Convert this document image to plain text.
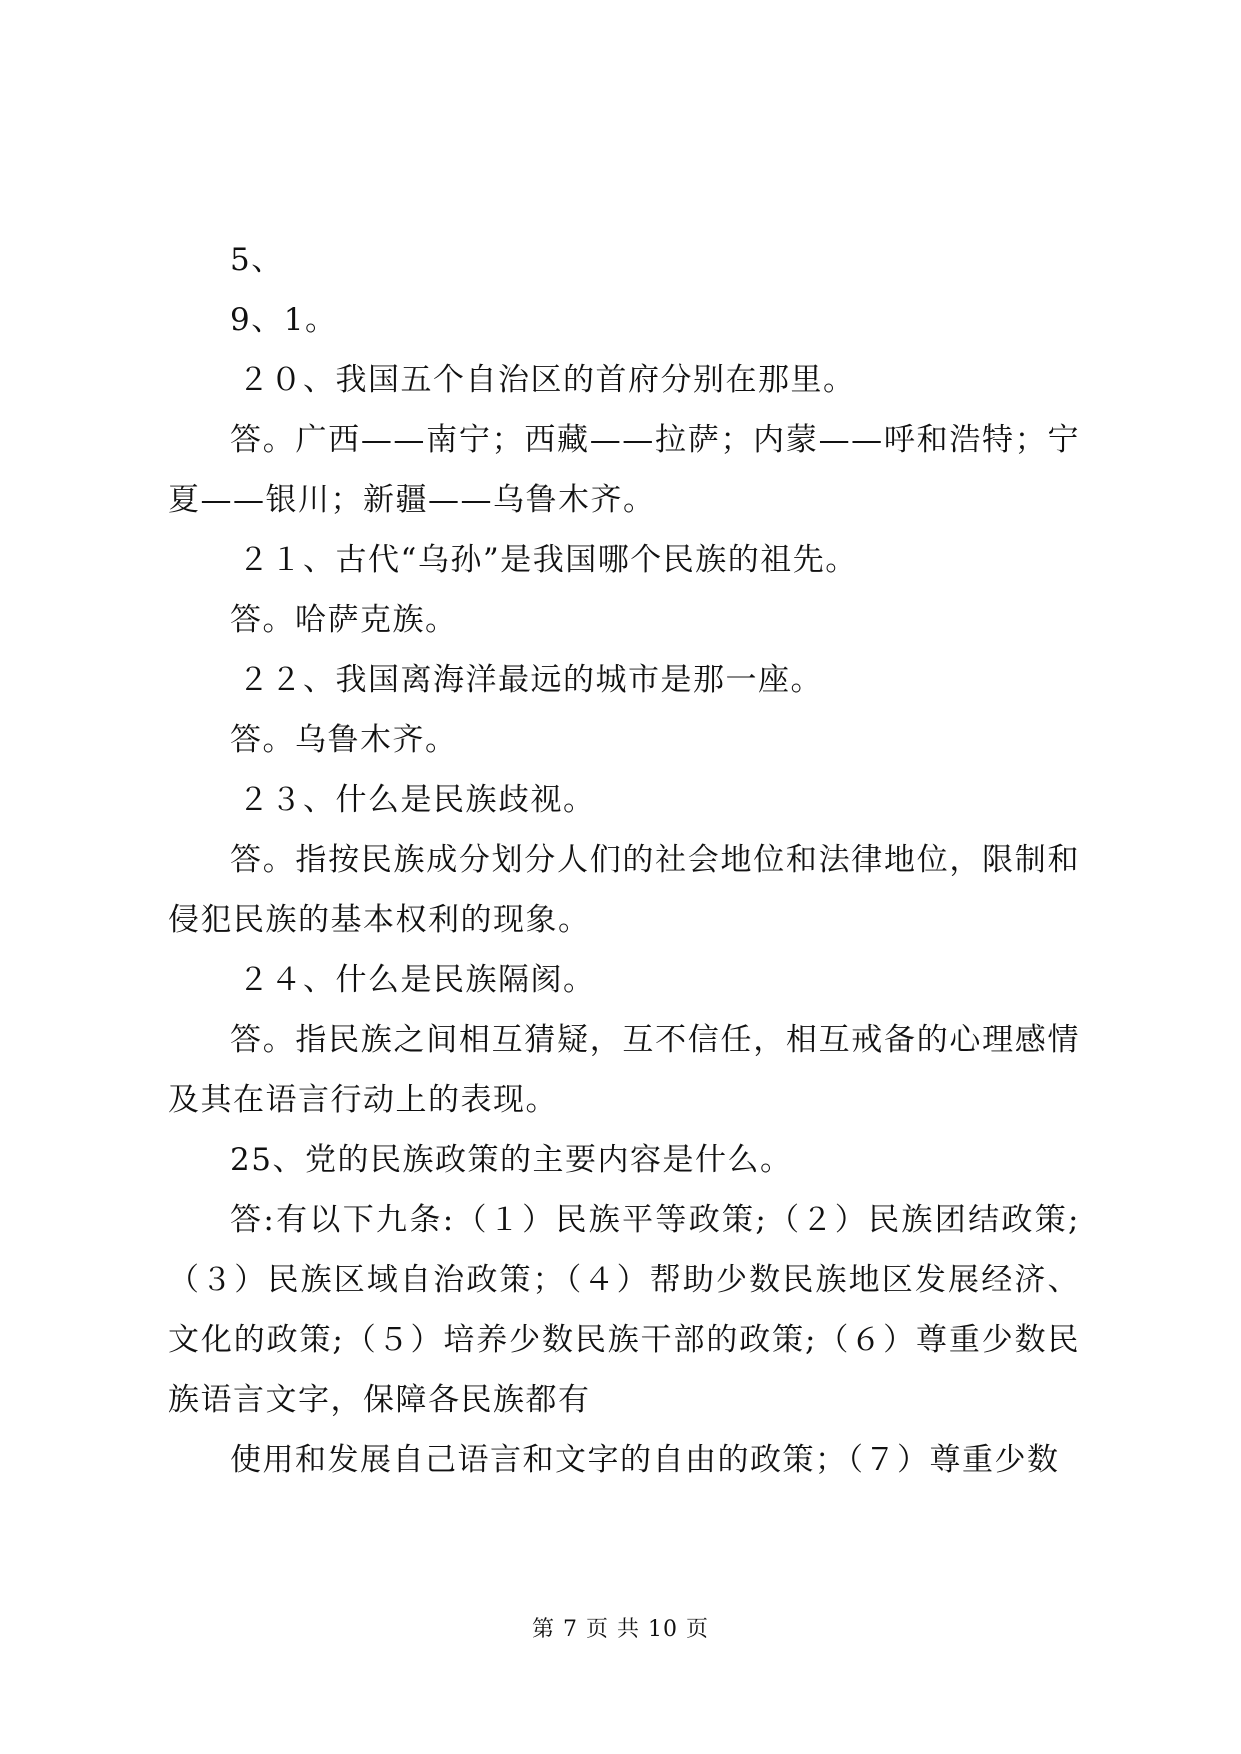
5、

9、1。

２０、我国五个自治区的首府分别在那里。

答。广西——南宁；西藏——拉萨；内蒙——呼和浩特；宁夏——银川；新疆——乌鲁木齐。

２１、古代“乌孙”是我国哪个民族的祖先。

答。哈萨克族。

２２、我国离海洋最远的城市是那一座。

答。乌鲁木齐。

２３、什么是民族歧视。

答。指按民族成分划分人们的社会地位和法律地位，限制和侵犯民族的基本权利的现象。

２４、什么是民族隔阂。

答。指民族之间相互猜疑，互不信任，相互戒备的心理感情及其在语言行动上的表现。

25、党的民族政策的主要内容是什么。

答:有以下九条:（１）民族平等政策;（２）民族团结政策;（３）民族区域自治政策；（４）帮助少数民族地区发展经济、文化的政策;（５）培养少数民族干部的政策;（６）尊重少数民族语言文字，保障各民族都有

使用和发展自己语言和文字的自由的政策；（７）尊重少数

第 7 页 共 10 页
